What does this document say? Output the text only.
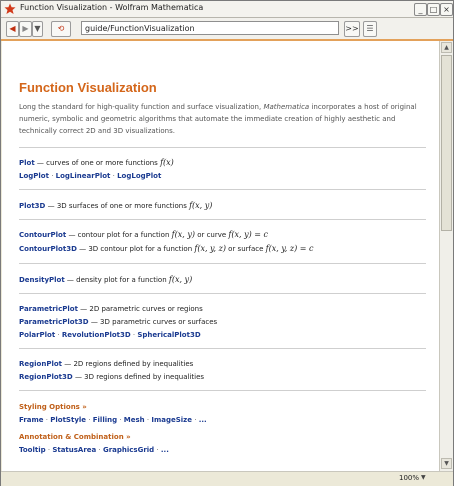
Function Visualization - Wolfram Mathematica	_ □ ×
◀ ▶ ▼	⟲	guide/FunctionVisualization	>> ☰
Function Visualization
Long the standard for high-quality function and surface visualization, Mathematica incorporates a host of original numeric, symbolic and geometric algorithms that automate the immediate creation of highly aesthetic and technically correct 2D and 3D visualizations.
Plot — curves of one or more functions f(x)
LogPlot · LogLinearPlot · LogLogPlot
Plot3D — 3D surfaces of one or more functions f(x, y)
ContourPlot — contour plot for a function f(x, y) or curve f(x, y) = c
ContourPlot3D — 3D contour plot for a function f(x, y, z) or surface f(x, y, z) = c
DensityPlot — density plot for a function f(x, y)
ParametricPlot — 2D parametric curves or regions
ParametricPlot3D — 3D parametric curves or surfaces
PolarPlot · RevolutionPlot3D · SphericalPlot3D
RegionPlot — 2D regions defined by inequalities
RegionPlot3D — 3D regions defined by inequalities
Styling Options »
Frame · PlotStyle · Filling · Mesh · ImageSize · ...
Annotation & Combination »
Tooltip · StatusArea · GraphicsGrid · ...
▲
▼
100% ▼
